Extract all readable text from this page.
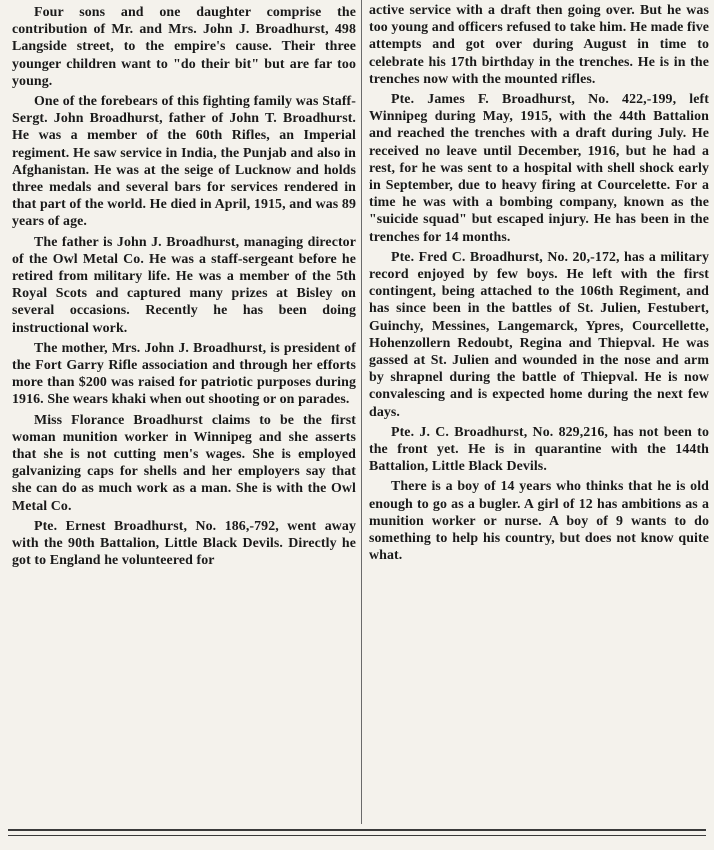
Four sons and one daughter comprise the contribution of Mr. and Mrs. John J. Broadhurst, 498 Langside street, to the empire's cause. Their three younger children want to "do their bit" but are far too young.

One of the forebears of this fighting family was Staff-Sergt. John Broadhurst, father of John T. Broadhurst. He was a member of the 60th Rifles, an Imperial regiment. He saw service in India, the Punjab and also in Afghanistan. He was at the seige of Lucknow and holds three medals and several bars for services rendered in that part of the world. He died in April, 1915, and was 89 years of age.

The father is John J. Broadhurst, managing director of the Owl Metal Co. He was a staff-sergeant before he retired from military life. He was a member of the 5th Royal Scots and captured many prizes at Bisley on several occasions. Recently he has been doing instructional work.

The mother, Mrs. John J. Broadhurst, is president of the Fort Garry Rifle association and through her efforts more than $200 was raised for patriotic purposes during 1916. She wears khaki when out shooting or on parades.

Miss Florance Broadhurst claims to be the first woman munition worker in Winnipeg and she asserts that she is not cutting men's wages. She is employed galvanizing caps for shells and her employers say that she can do as much work as a man. She is with the Owl Metal Co.

Pte. Ernest Broadhurst, No. 186,-792, went away with the 90th Battalion, Little Black Devils. Directly he got to England he volunteered for

active service with a draft then going over. But he was too young and officers refused to take him. He made five attempts and got over during August in time to celebrate his 17th birthday in the trenches. He is in the trenches now with the mounted rifles.

Pte. James F. Broadhurst, No. 422,-199, left Winnipeg during May, 1915, with the 44th Battalion and reached the trenches with a draft during July. He received no leave until December, 1916, but he had a rest, for he was sent to a hospital with shell shock early in September, due to heavy firing at Courcelette. For a time he was with a bombing company, known as the "suicide squad" but escaped injury. He has been in the trenches for 14 months.

Pte. Fred C. Broadhurst, No. 20,-172, has a military record enjoyed by few boys. He left with the first contingent, being attached to the 106th Regiment, and has since been in the battles of St. Julien, Festubert, Guinchy, Messines, Langemarck, Ypres, Courcellette, Hohenzollern Redoubt, Regina and Thiepval. He was gassed at St. Julien and wounded in the nose and arm by shrapnel during the battle of Thiepval. He is now convalescing and is expected home during the next few days.

Pte. J. C. Broadhurst, No. 829,216, has not been to the front yet. He is in quarantine with the 144th Battalion, Little Black Devils.

There is a boy of 14 years who thinks that he is old enough to go as a bugler. A girl of 12 has ambitions as a munition worker or nurse. A boy of 9 wants to do something to help his country, but does not know quite what.
